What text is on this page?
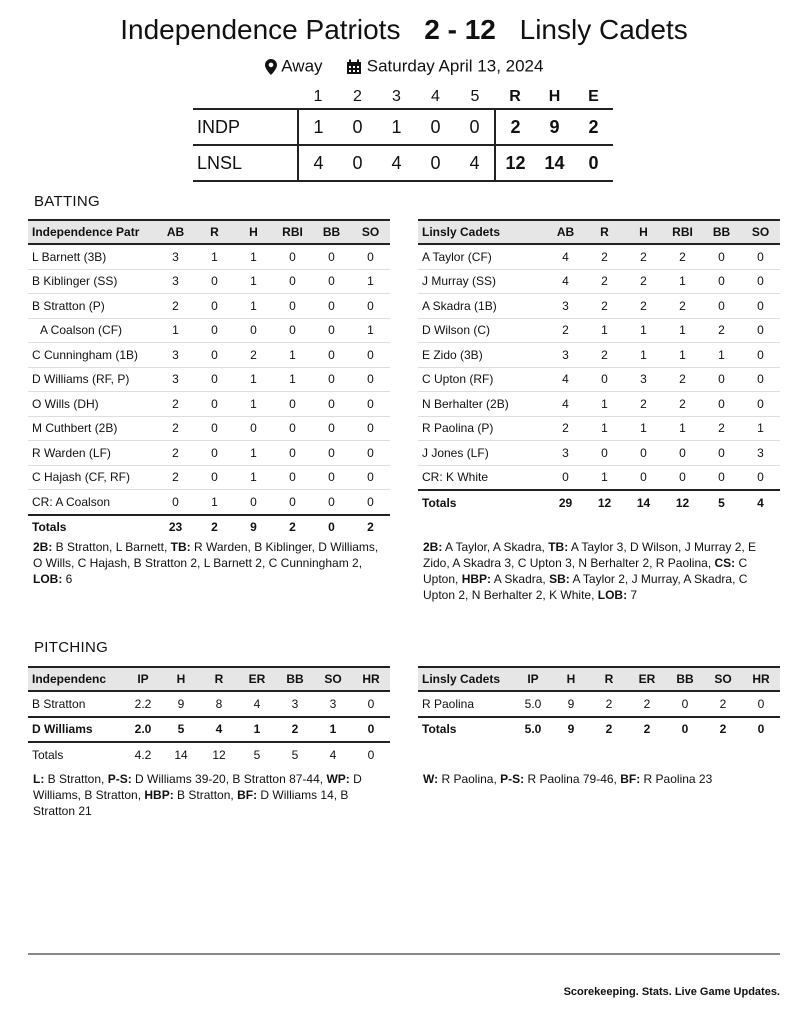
Independence Patriots 2 - 12 Linsly Cadets
Away	Saturday April 13, 2024
	1	2	3	4	5	R	H	E
INDP	1	0	1	0	0	2	9	2
LNSL	4	0	4	0	4	12	14	0
BATTING
Independence Patr	AB	R	H	RBI	BB	SO
L Barnett (3B)	3	1	1	0	0	0
B Kiblinger (SS)	3	0	1	0	0	1
B Stratton (P)	2	0	1	0	0	0
A Coalson (CF)	1	0	0	0	0	1
C Cunningham (1B)	3	0	2	1	0	0
D Williams (RF, P)	3	0	1	1	0	0
O Wills (DH)	2	0	1	0	0	0
M Cuthbert (2B)	2	0	0	0	0	0
R Warden (LF)	2	0	1	0	0	0
C Hajash (CF, RF)	2	0	1	0	0	0
CR: A Coalson	0	1	0	0	0	0
Totals	23	2	9	2	0	2
Linsly Cadets	AB	R	H	RBI	BB	SO
A Taylor (CF)	4	2	2	2	0	0
J Murray (SS)	4	2	2	1	0	0
A Skadra (1B)	3	2	2	2	0	0
D Wilson (C)	2	1	1	1	2	0
E Zido (3B)	3	2	1	1	1	0
C Upton (RF)	4	0	3	2	0	0
N Berhalter (2B)	4	1	2	2	0	0
R Paolina (P)	2	1	1	1	2	1
J Jones (LF)	3	0	0	0	0	3
CR: K White	0	1	0	0	0	0
Totals	29	12	14	12	5	4
2B: B Stratton, L Barnett, TB: R Warden, B Kiblinger, D Williams, O Wills, C Hajash, B Stratton 2, L Barnett 2, C Cunningham 2, LOB: 6
2B: A Taylor, A Skadra, TB: A Taylor 3, D Wilson, J Murray 2, E Zido, A Skadra 3, C Upton 3, N Berhalter 2, R Paolina, CS: C Upton, HBP: A Skadra, SB: A Taylor 2, J Murray, A Skadra, C Upton 2, N Berhalter 2, K White, LOB: 7
PITCHING
Independenc	IP	H	R	ER	BB	SO	HR
B Stratton	2.2	9	8	4	3	3	0
D Williams	2.0	5	4	1	2	1	0
Totals	4.2	14	12	5	5	4	0
Linsly Cadets	IP	H	R	ER	BB	SO	HR
R Paolina	5.0	9	2	2	0	2	0
Totals	5.0	9	2	2	0	2	0
L: B Stratton, P-S: D Williams 39-20, B Stratton 87-44, WP: D Williams, B Stratton, HBP: B Stratton, BF: D Williams 14, B Stratton 21
W: R Paolina, P-S: R Paolina 79-46, BF: R Paolina 23
Scorekeeping. Stats. Live Game Updates.
